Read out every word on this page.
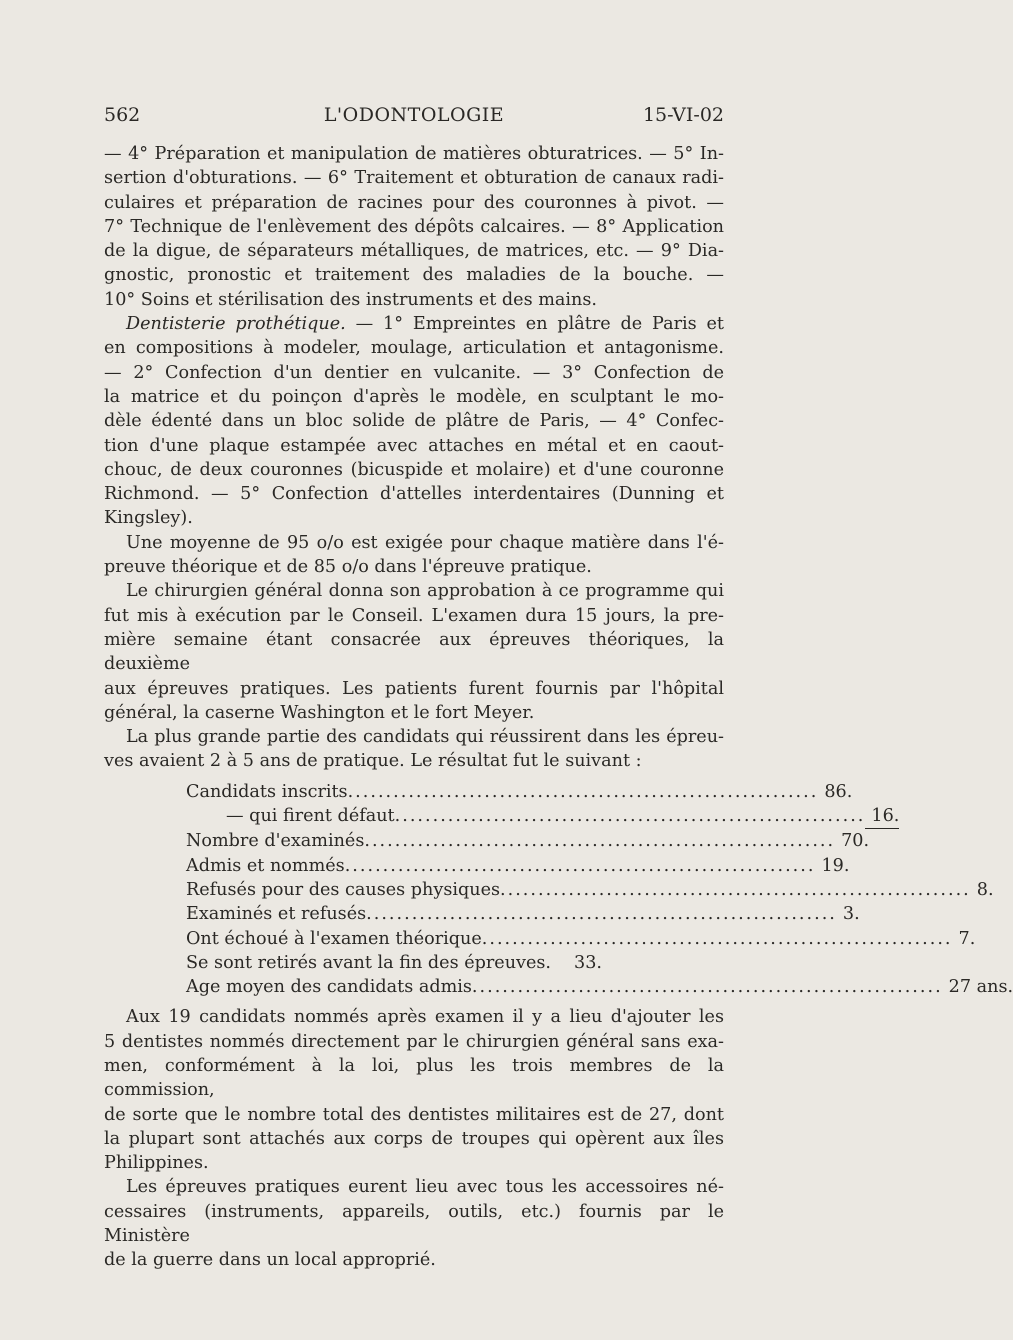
562	L'ODONTOLOGIE	15-VI-02

— 4° Préparation et manipulation de matières obturatrices. — 5° In-
sertion d'obturations. — 6° Traitement et obturation de canaux radi-
culaires et préparation de racines pour des couronnes à pivot. —
7° Technique de l'enlèvement des dépôts calcaires. — 8° Application
de la digue, de séparateurs métalliques, de matrices, etc. — 9° Dia-
gnostic, pronostic et traitement des maladies de la bouche. —
10° Soins et stérilisation des instruments et des mains.

Dentisterie prothétique. — 1° Empreintes en plâtre de Paris et
en compositions à modeler, moulage, articulation et antagonisme.
— 2° Confection d'un dentier en vulcanite. — 3° Confection de
la matrice et du poinçon d'après le modèle, en sculptant le mo-
dèle édenté dans un bloc solide de plâtre de Paris, — 4° Confec-
tion d'une plaque estampée avec attaches en métal et en caout-
chouc, de deux couronnes (bicuspide et molaire) et d'une couronne
Richmond. — 5° Confection d'attelles interdentaires (Dunning et
Kingsley).

Une moyenne de 95 o/o est exigée pour chaque matière dans l'é-
preuve théorique et de 85 o/o dans l'épreuve pratique.

Le chirurgien général donna son approbation à ce programme qui
fut mis à exécution par le Conseil. L'examen dura 15 jours, la pre-
mière semaine étant consacrée aux épreuves théoriques, la deuxième
aux épreuves pratiques. Les patients furent fournis par l'hôpital
général, la caserne Washington et le fort Meyer.

La plus grande partie des candidats qui réussirent dans les épreu-
ves avaient 2 à 5 ans de pratique. Le résultat fut le suivant :

Candidats inscrits .............................................................. 86.
— qui firent défaut .............................................................. 16.
Nombre d'examinés .............................................................. 70.
Admis et nommés .............................................................. 19.
Refusés pour des causes physiques .............................................................. 8.
Examinés et refusés .............................................................. 3.
Ont échoué à l'examen théorique .............................................................. 7.
Se sont retirés avant la fin des épreuves.	33.
Age moyen des candidats admis .............................................................. 27 ans.

Aux 19 candidats nommés après examen il y a lieu d'ajouter les
5 dentistes nommés directement par le chirurgien général sans exa-
men, conformément à la loi, plus les trois membres de la commission,
de sorte que le nombre total des dentistes militaires est de 27, dont
la plupart sont attachés aux corps de troupes qui opèrent aux îles
Philippines.

Les épreuves pratiques eurent lieu avec tous les accessoires né-
cessaires (instruments, appareils, outils, etc.) fournis par le Ministère
de la guerre dans un local approprié.
